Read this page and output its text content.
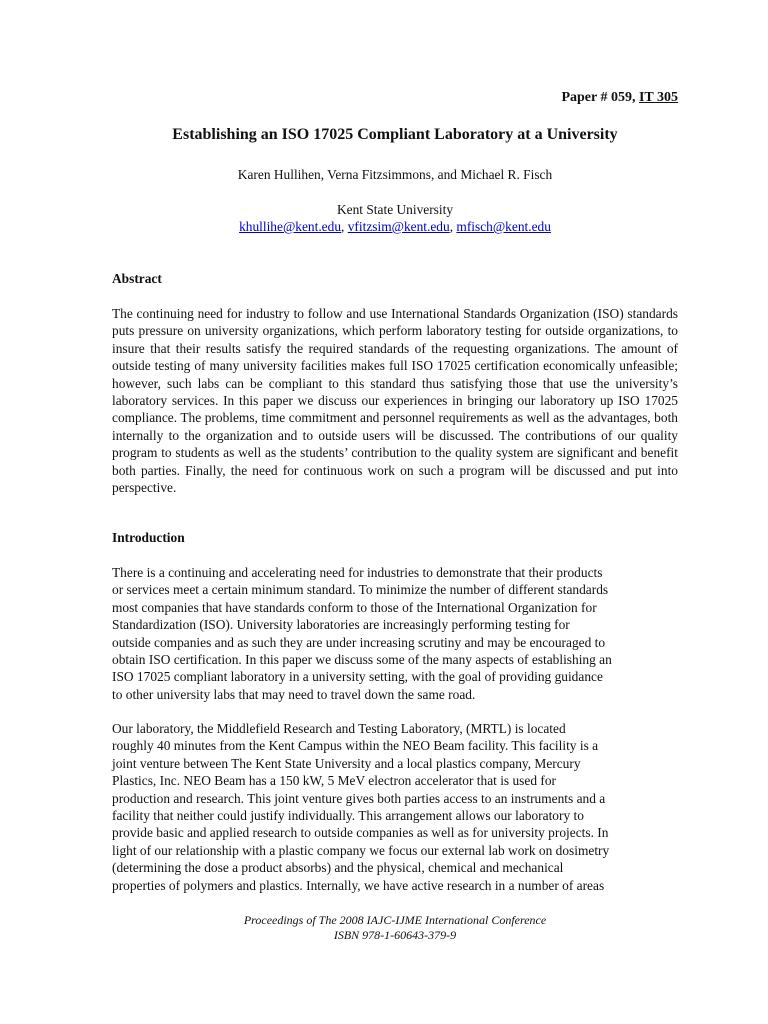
Paper # 059, IT 305
Establishing an ISO 17025 Compliant Laboratory at a University
Karen Hullihen, Verna Fitzsimmons, and Michael R. Fisch
Kent State University
khullihe@kent.edu, vfitzsim@kent.edu, mfisch@kent.edu
Abstract

The continuing need for industry to follow and use International Standards Organization (ISO) standards puts pressure on university organizations, which perform laboratory testing for outside organizations, to insure that their results satisfy the required standards of the requesting organizations. The amount of outside testing of many university facilities makes full ISO 17025 certification economically unfeasible; however, such labs can be compliant to this standard thus satisfying those that use the university’s laboratory services. In this paper we discuss our experiences in bringing our laboratory up ISO 17025 compliance. The problems, time commitment and personnel requirements as well as the advantages, both internally to the organization and to outside users will be discussed. The contributions of our quality program to students as well as the students’ contribution to the quality system are significant and benefit both parties. Finally, the need for continuous work on such a program will be discussed and put into perspective.

Introduction
There is a continuing and accelerating need for industries to demonstrate that their products
or services meet a certain minimum standard. To minimize the number of different standards
most companies that have standards conform to those of the International Organization for
Standardization (ISO). University laboratories are increasingly performing testing for
outside companies and as such they are under increasing scrutiny and may be encouraged to
obtain ISO certification. In this paper we discuss some of the many aspects of establishing an
ISO 17025 compliant laboratory in a university setting, with the goal of providing guidance
to other university labs that may need to travel down the same road.
Our laboratory, the Middlefield Research and Testing Laboratory, (MRTL) is located
roughly 40 minutes from the Kent Campus within the NEO Beam facility. This facility is a
joint venture between The Kent State University and a local plastics company, Mercury
Plastics, Inc. NEO Beam has a 150 kW, 5 MeV electron accelerator that is used for
production and research. This joint venture gives both parties access to an instruments and a
facility that neither could justify individually. This arrangement allows our laboratory to
provide basic and applied research to outside companies as well as for university projects. In
light of our relationship with a plastic company we focus our external lab work on dosimetry
(determining the dose a product absorbs) and the physical, chemical and mechanical
properties of polymers and plastics. Internally, we have active research in a number of areas
Proceedings of The 2008 IAJC-IJME International Conference
ISBN 978-1-60643-379-9
